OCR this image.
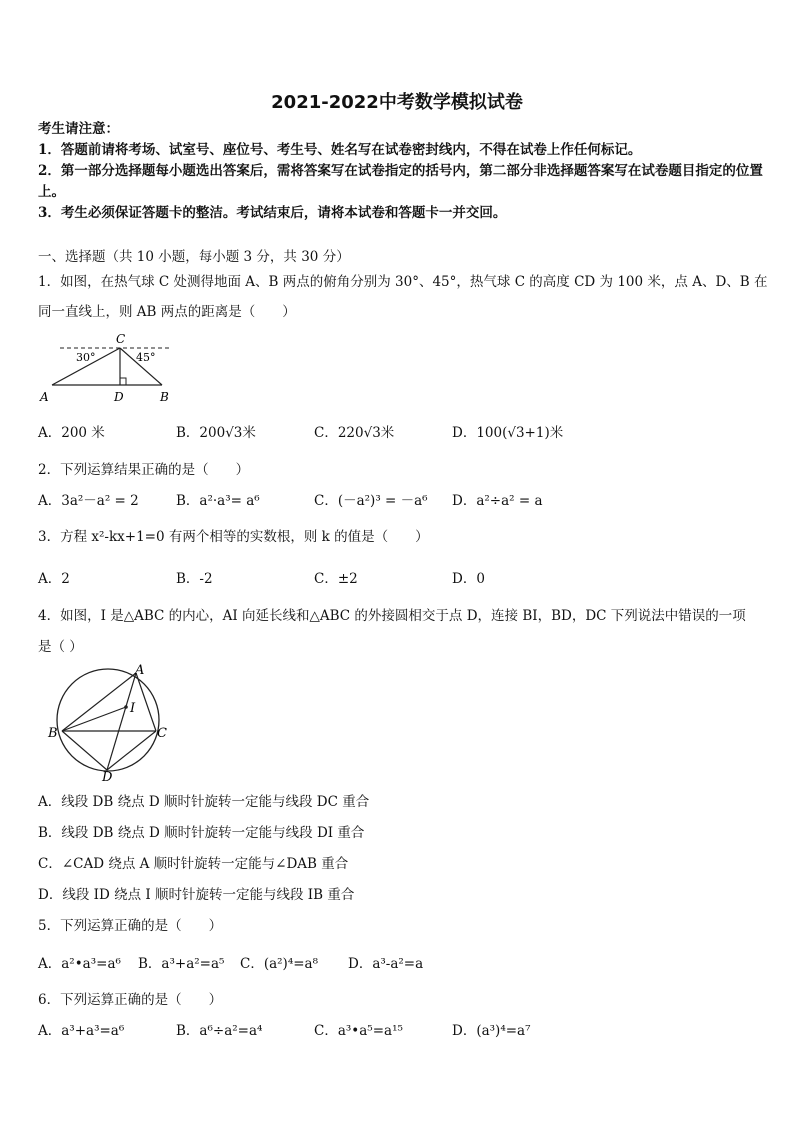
2021-2022中考数学模拟试卷
考生请注意：
1．答题前请将考场、试室号、座位号、考生号、姓名写在试卷密封线内，不得在试卷上作任何标记。
2．第一部分选择题每小题选出答案后，需将答案写在试卷指定的括号内，第二部分非选择题答案写在试卷题目指定的位置上。
3．考生必须保证答题卡的整洁。考试结束后，请将本试卷和答题卡一并交回。
一、选择题（共 10 小题，每小题 3 分，共 30 分）
1．如图，在热气球 C 处测得地面 A、B 两点的俯角分别为 30°、45°，热气球 C 的高度 CD 为 100 米，点 A、D、B 在
同一直线上，则 AB 两点的距离是（　　）
C
30°	45°
A	D	B
A．200 米	B．200√3米	C．220√3米	D．100(√3+1)米
2．下列运算结果正确的是（　　）
A．3a²－a² = 2	B．a²·a³= a⁶	C．(－a²)³ = －a⁶ D．a²÷a² = a
3．方程 x²-kx+1=0 有两个相等的实数根，则 k 的值是（　　）
A．2	B．-2	C．±2	D．0
4．如图，I 是△ABC 的内心，AI 向延长线和△ABC 的外接圆相交于点 D，连接 BI，BD，DC 下列说法中错误的一项
是（ ）
A
I
B	C
D
A．线段 DB 绕点 D 顺时针旋转一定能与线段 DC 重合
B．线段 DB 绕点 D 顺时针旋转一定能与线段 DI 重合
C．∠CAD 绕点 A 顺时针旋转一定能与∠DAB 重合
D．线段 ID 绕点 I 顺时针旋转一定能与线段 IB 重合
5．下列运算正确的是（　　）
A．a²•a³=a⁶ B．a³+a²=a⁵ C．(a²)⁴=a⁸ D．a³-a²=a
6．下列运算正确的是（　　）
A．a³+a³=a⁶	B．a⁶÷a²=a⁴	C．a³•a⁵=a¹⁵	D．(a³)⁴=a⁷
